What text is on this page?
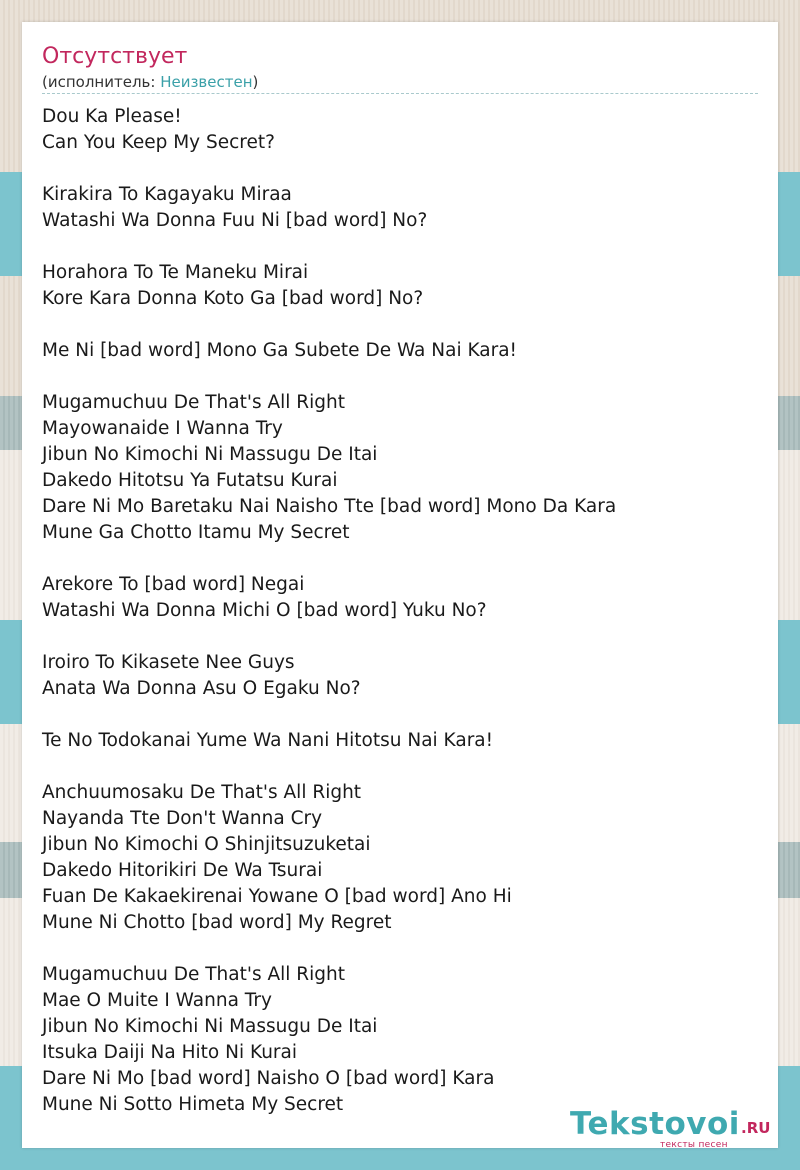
Отсутствует
(исполнитель: Неизвестен)
Dou Ka Please!
Can You Keep My Secret?
Kirakira To Kagayaku Miraa
Watashi Wa Donna Fuu Ni [bad word] No?
Horahora To Te Maneku Mirai
Kore Kara Donna Koto Ga [bad word] No?
Me Ni [bad word] Mono Ga Subete De Wa Nai Kara!
Mugamuchuu De That's All Right
Mayowanaide I Wanna Try
Jibun No Kimochi Ni Massugu De Itai
Dakedo Hitotsu Ya Futatsu Kurai
Dare Ni Mo Baretaku Nai Naisho Tte [bad word] Mono Da Kara
Mune Ga Chotto Itamu My Secret
Arekore To [bad word] Negai
Watashi Wa Donna Michi O [bad word] Yuku No?
Iroiro To Kikasete Nee Guys
Anata Wa Donna Asu O Egaku No?
Te No Todokanai Yume Wa Nani Hitotsu Nai Kara!
Anchuumosaku De That's All Right
Nayanda Tte Don't Wanna Cry
Jibun No Kimochi O Shinjitsuzuketai
Dakedo Hitorikiri De Wa Tsurai
Fuan De Kakaekirenai Yowane O [bad word] Ano Hi
Mune Ni Chotto [bad word] My Regret
Mugamuchuu De That's All Right
Mae O Muite I Wanna Try
Jibun No Kimochi Ni Massugu De Itai
Itsuka Daiji Na Hito Ni Kurai
Dare Ni Mo [bad word] Naisho O [bad word] Kara
Mune Ni Sotto Himeta My Secret
Tekstovoi .RU
тексты песен
